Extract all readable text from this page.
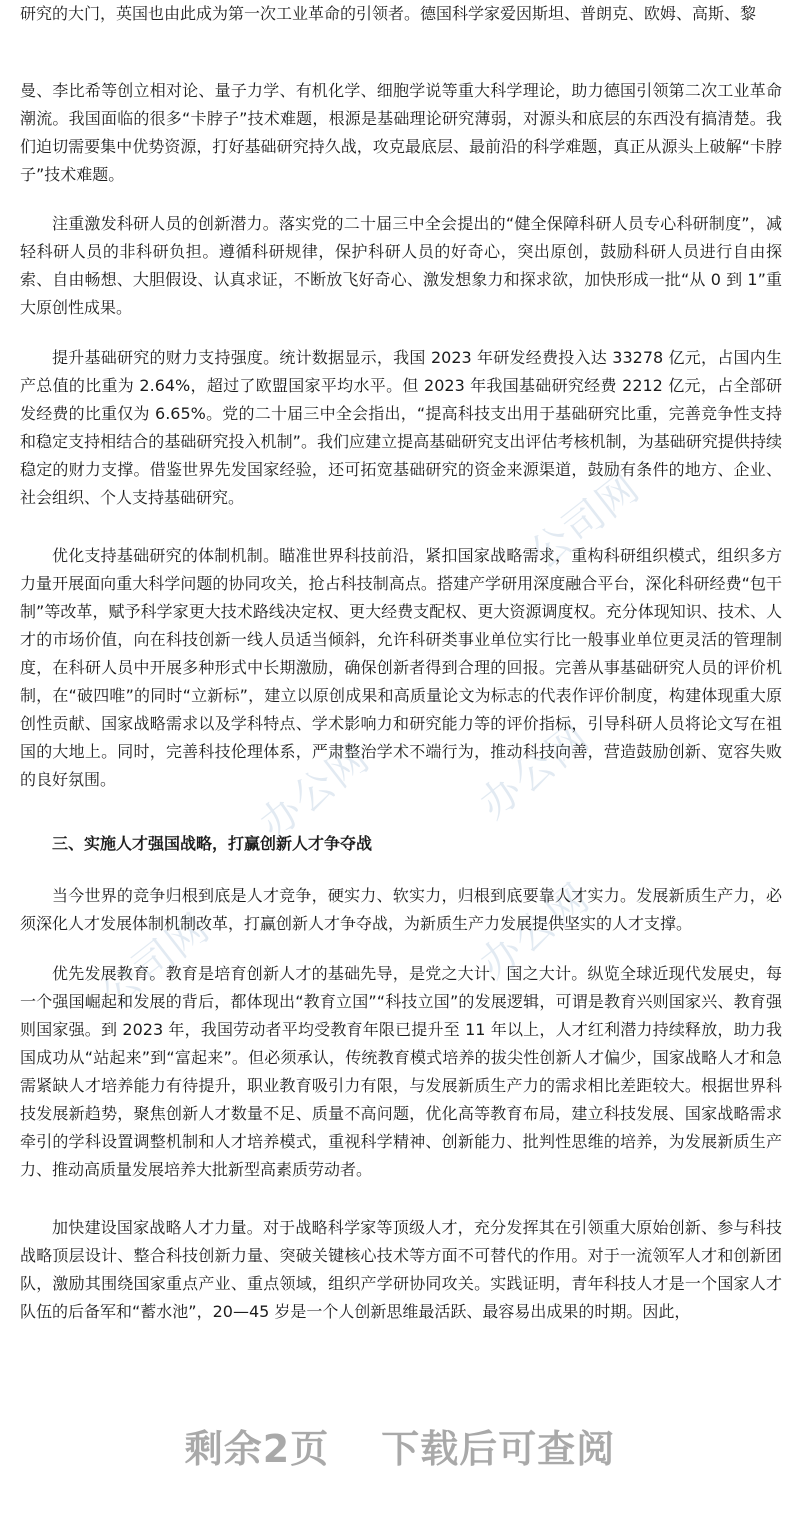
公司网
办公网
公司网	办公网
办公网

研究的大门，英国也由此成为第一次工业革命的引领者。德国科学家爱因斯坦、普朗克、欧姆、高斯、黎

曼、李比希等创立相对论、量子力学、有机化学、细胞学说等重大科学理论，助力德国引领第二次工业革命潮流。我国面临的很多“卡脖子”技术难题，根源是基础理论研究薄弱，对源头和底层的东西没有搞清楚。我们迫切需要集中优势资源，打好基础研究持久战，攻克最底层、最前沿的科学难题，真正从源头上破解“卡脖子”技术难题。

注重激发科研人员的创新潜力。落实党的二十届三中全会提出的“健全保障科研人员专心科研制度”，减轻科研人员的非科研负担。遵循科研规律，保护科研人员的好奇心，突出原创，鼓励科研人员进行自由探索、自由畅想、大胆假设、认真求证，不断放飞好奇心、激发想象力和探求欲，加快形成一批“从 0 到 1”重大原创性成果。

提升基础研究的财力支持强度。统计数据显示，我国 2023 年研发经费投入达 33278 亿元，占国内生产总值的比重为 2.64%，超过了欧盟国家平均水平。但 2023 年我国基础研究经费 2212 亿元，占全部研发经费的比重仅为 6.65%。党的二十届三中全会指出，“提高科技支出用于基础研究比重，完善竞争性支持和稳定支持相结合的基础研究投入机制”。我们应建立提高基础研究支出评估考核机制，为基础研究提供持续稳定的财力支撑。借鉴世界先发国家经验，还可拓宽基础研究的资金来源渠道，鼓励有条件的地方、企业、社会组织、个人支持基础研究。

优化支持基础研究的体制机制。瞄准世界科技前沿，紧扣国家战略需求，重构科研组织模式，组织多方力量开展面向重大科学问题的协同攻关，抢占科技制高点。搭建产学研用深度融合平台，深化科研经费“包干制”等改革，赋予科学家更大技术路线决定权、更大经费支配权、更大资源调度权。充分体现知识、技术、人才的市场价值，向在科技创新一线人员适当倾斜，允许科研类事业单位实行比一般事业单位更灵活的管理制度，在科研人员中开展多种形式中长期激励，确保创新者得到合理的回报。完善从事基础研究人员的评价机制，在“破四唯”的同时“立新标”，建立以原创成果和高质量论文为标志的代表作评价制度，构建体现重大原创性贡献、国家战略需求以及学科特点、学术影响力和研究能力等的评价指标，引导科研人员将论文写在祖国的大地上。同时，完善科技伦理体系，严肃整治学术不端行为，推动科技向善，营造鼓励创新、宽容失败的良好氛围。

三、实施人才强国战略，打赢创新人才争夺战

当今世界的竞争归根到底是人才竞争，硬实力、软实力，归根到底要靠人才实力。发展新质生产力，必须深化人才发展体制机制改革，打赢创新人才争夺战，为新质生产力发展提供坚实的人才支撑。

优先发展教育。教育是培育创新人才的基础先导，是党之大计、国之大计。纵览全球近现代发展史，每一个强国崛起和发展的背后，都体现出“教育立国”“科技立国”的发展逻辑，可谓是教育兴则国家兴、教育强则国家强。到 2023 年，我国劳动者平均受教育年限已提升至 11 年以上，人才红利潜力持续释放，助力我国成功从“站起来”到“富起来”。但必须承认，传统教育模式培养的拔尖性创新人才偏少，国家战略人才和急需紧缺人才培养能力有待提升，职业教育吸引力有限，与发展新质生产力的需求相比差距较大。根据世界科技发展新趋势，聚焦创新人才数量不足、质量不高问题，优化高等教育布局，建立科技发展、国家战略需求牵引的学科设置调整机制和人才培养模式，重视科学精神、创新能力、批判性思维的培养，为发展新质生产力、推动高质量发展培养大批新型高素质劳动者。

加快建设国家战略人才力量。对于战略科学家等顶级人才，充分发挥其在引领重大原始创新、参与科技战略顶层设计、整合科技创新力量、突破关键核心技术等方面不可替代的作用。对于一流领军人才和创新团队，激励其围绕国家重点产业、重点领域，组织产学研协同攻关。实践证明，青年科技人才是一个国家人才队伍的后备军和“蓄水池”，20—45 岁是一个人创新思维最活跃、最容易出成果的时期。因此，

剩余2页 下载后可查阅
